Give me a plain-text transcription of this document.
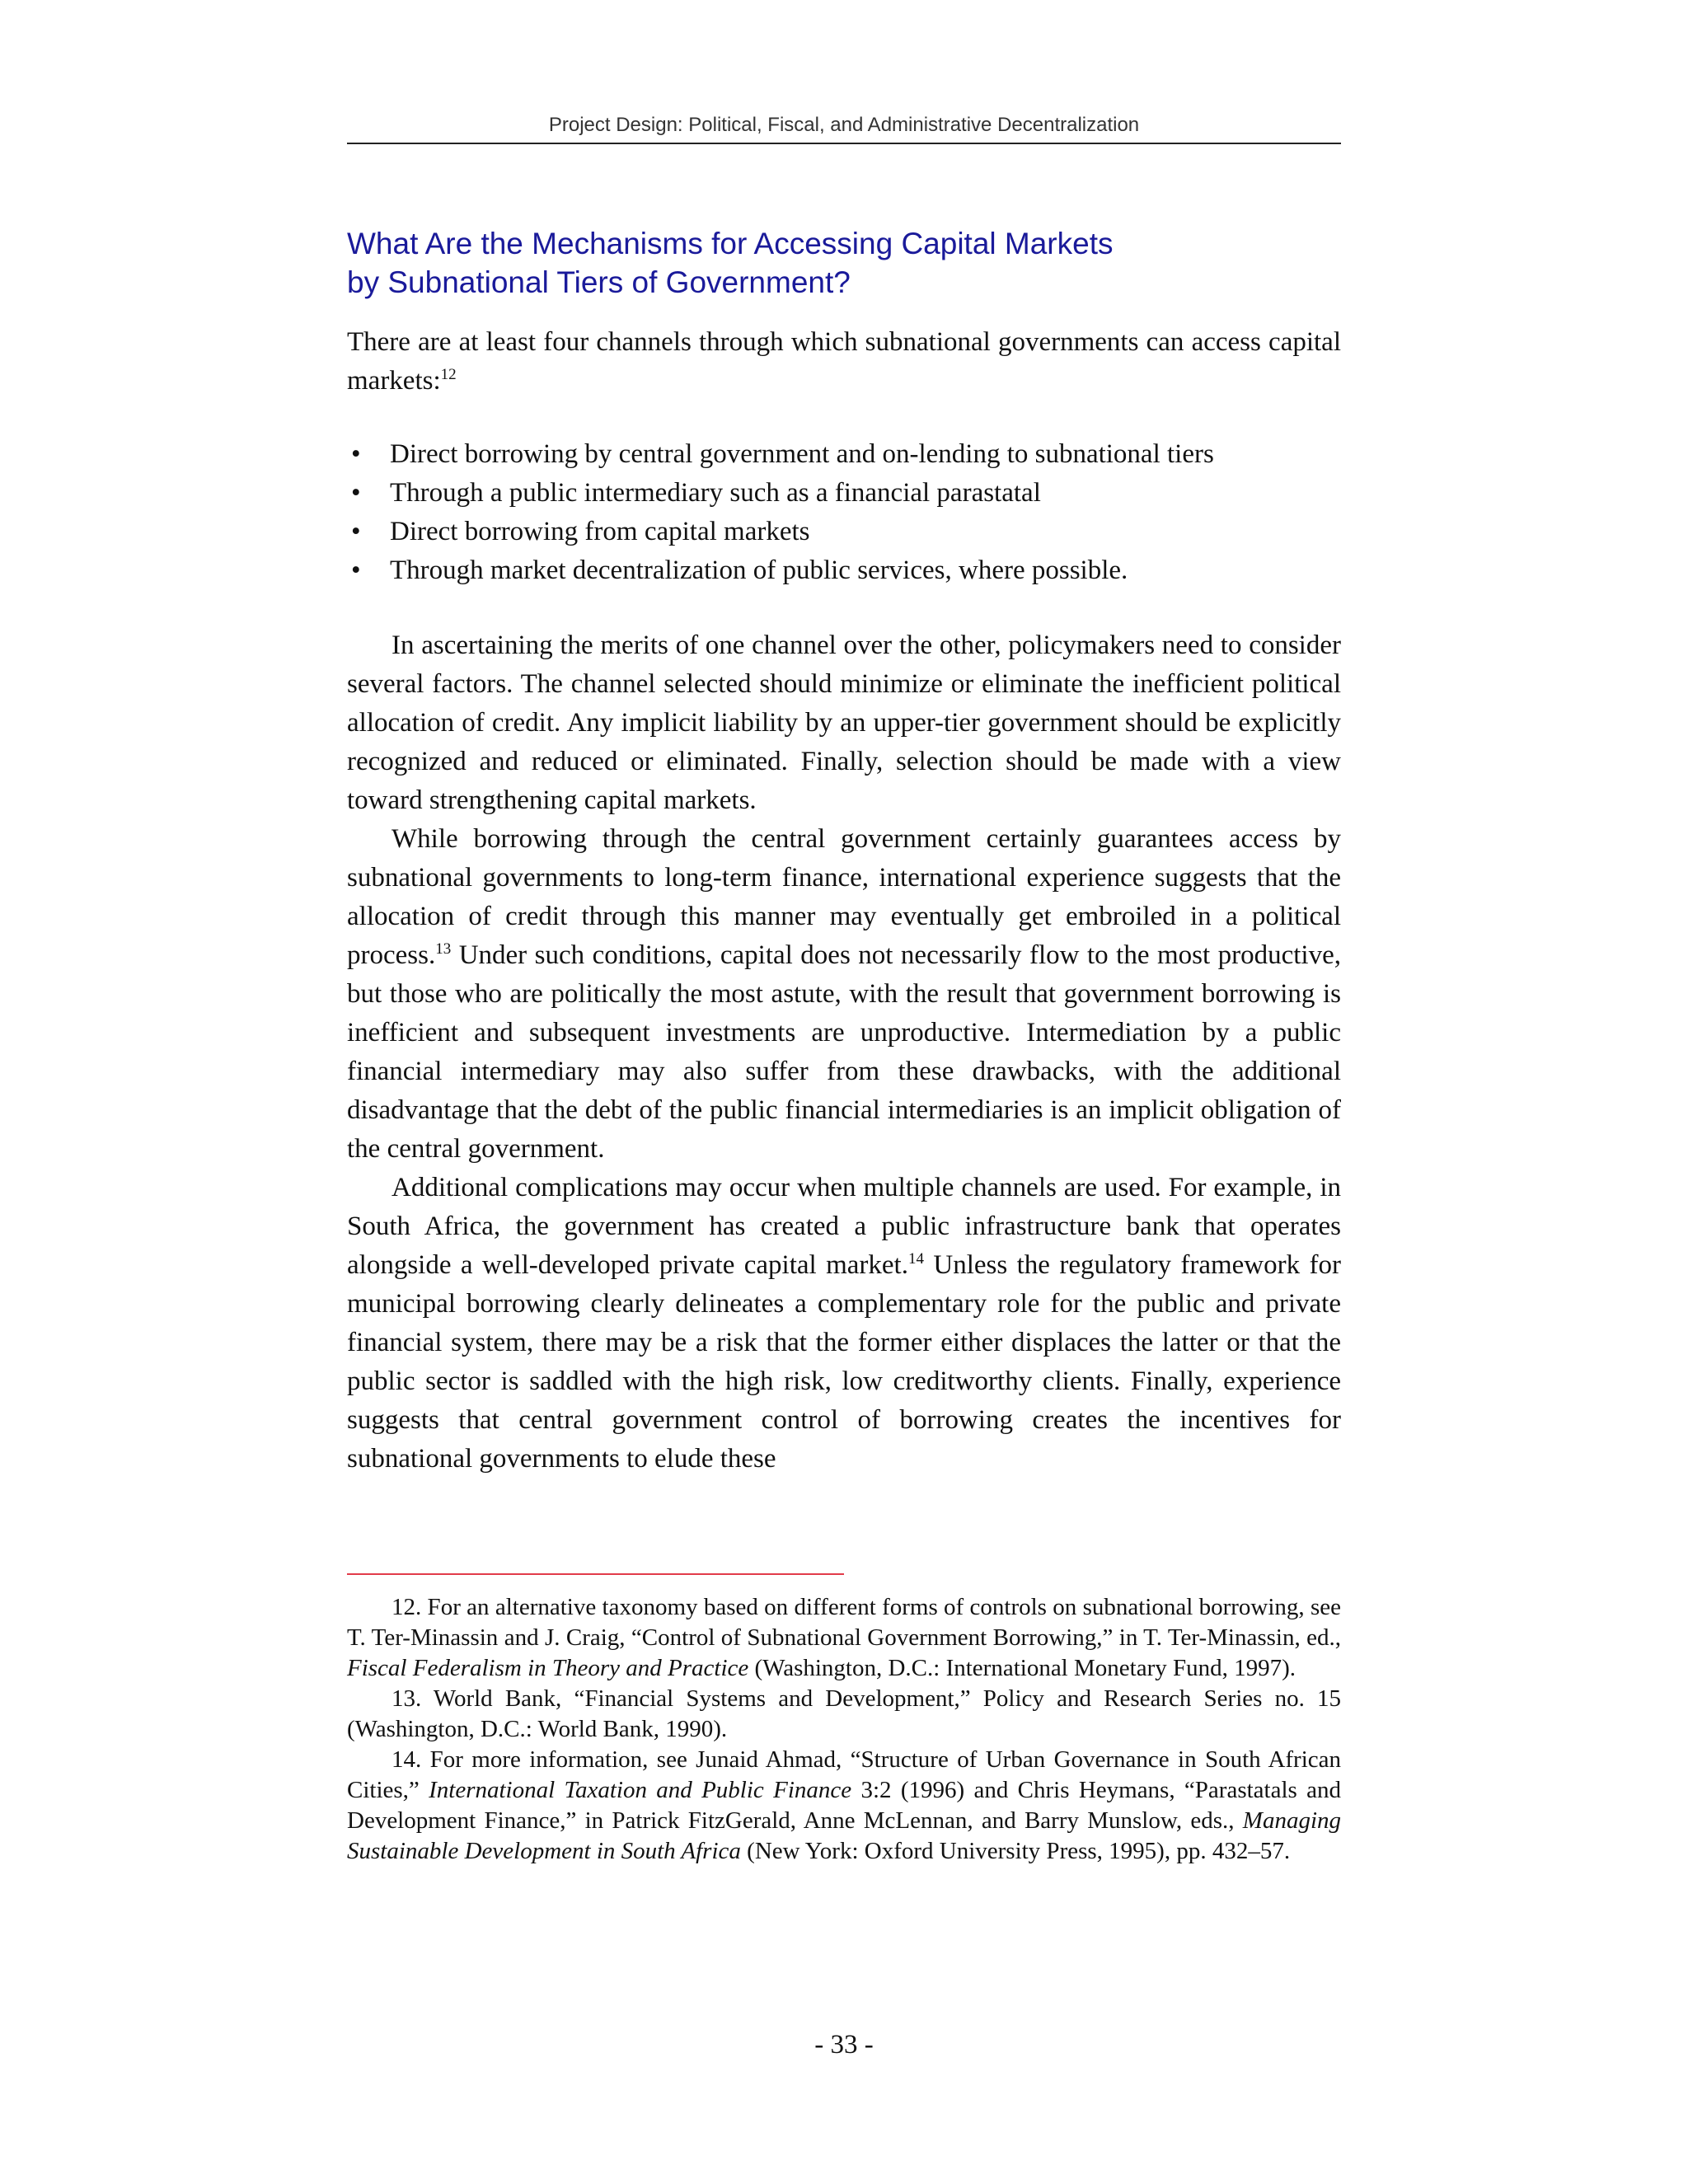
Project Design: Political, Fiscal, and Administrative Decentralization
What Are the Mechanisms for Accessing Capital Markets
by Subnational Tiers of Government?

There are at least four channels through which subnational governments can access capital markets:$^{12}$

• Direct borrowing by central government and on-lending to subnational tiers
• Through a public intermediary such as a financial parastatal
• Direct borrowing from capital markets
• Through market decentralization of public services, where possible.

In ascertaining the merits of one channel over the other, policymakers need to consider several factors. The channel selected should minimize or eliminate the inefficient political allocation of credit. Any implicit liability by an upper-tier government should be explicitly recognized and reduced or eliminated. Finally, selection should be made with a view toward strengthening capital markets.

While borrowing through the central government certainly guarantees access by subnational governments to long-term finance, international experience suggests that the allocation of credit through this manner may eventually get embroiled in a political process.$^{13}$ Under such conditions, capital does not necessarily flow to the most productive, but those who are politically the most astute, with the result that government borrowing is inefficient and subsequent investments are unproductive. Intermediation by a public financial intermediary may also suffer from these drawbacks, with the additional disadvantage that the debt of the public financial intermediaries is an implicit obligation of the central government.

Additional complications may occur when multiple channels are used. For example, in South Africa, the government has created a public infrastructure bank that operates alongside a well-developed private capital market.$^{14}$ Unless the regulatory framework for municipal borrowing clearly delineates a complementary role for the public and private financial system, there may be a risk that the former either displaces the latter or that the public sector is saddled with the high risk, low creditworthy clients. Finally, experience suggests that central government control of borrowing creates the incentives for subnational governments to elude these

12. For an alternative taxonomy based on different forms of controls on subnational borrowing, see T. Ter-Minassin and J. Craig, “Control of Subnational Government Borrowing,” in T. Ter-Minassin, ed., Fiscal Federalism in Theory and Practice (Washington, D.C.: International Monetary Fund, 1997).

13. World Bank, “Financial Systems and Development,” Policy and Research Series no. 15 (Washington, D.C.: World Bank, 1990).

14. For more information, see Junaid Ahmad, “Structure of Urban Governance in South African Cities,” International Taxation and Public Finance 3:2 (1996) and Chris Heymans, “Parastatals and Development Finance,” in Patrick FitzGerald, Anne McLennan, and Barry Munslow, eds., Managing Sustainable Development in South Africa (New York: Oxford University Press, 1995), pp. 432–57.

- 33 -
